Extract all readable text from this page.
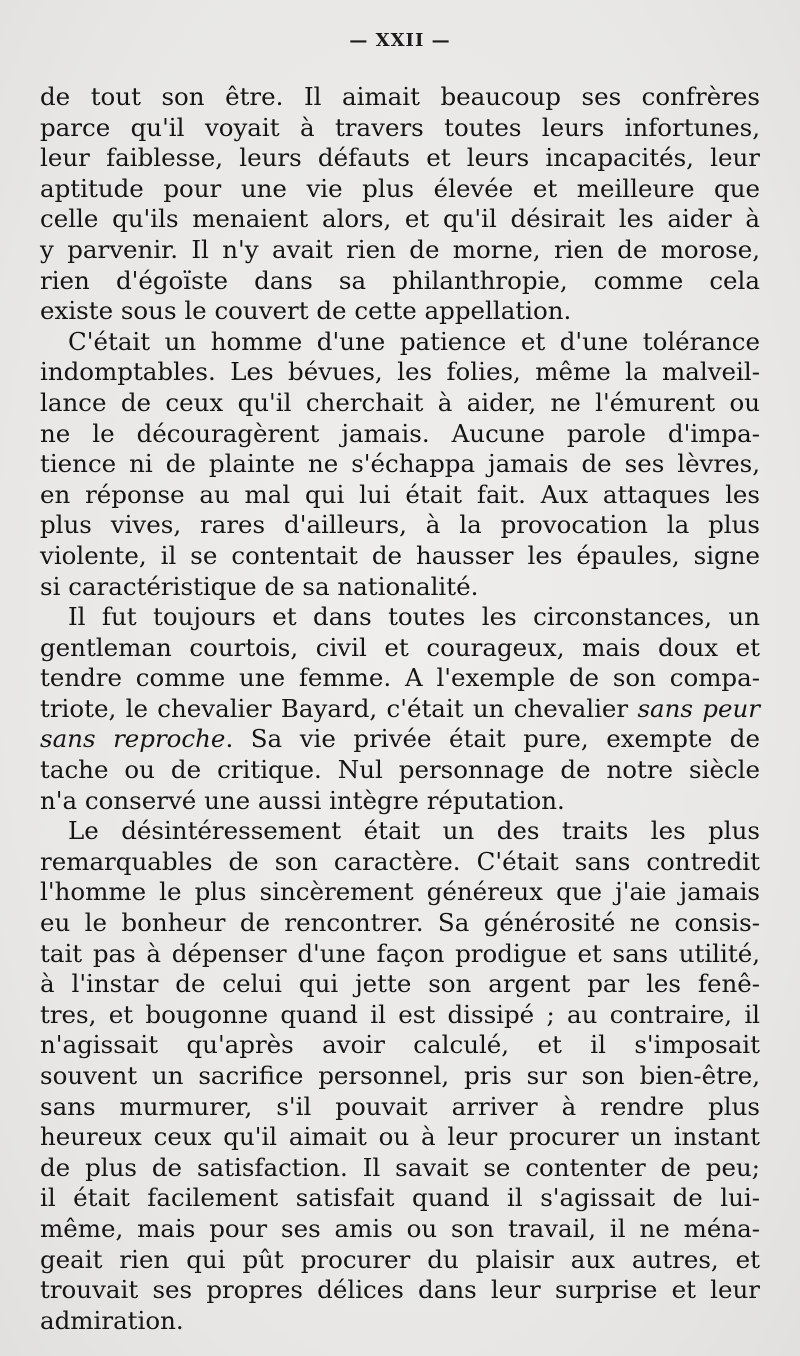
— XXII —
de tout son être. Il aimait beaucoup ses confrères
parce qu'il voyait à travers toutes leurs infortunes,
leur faiblesse, leurs défauts et leurs incapacités, leur
aptitude pour une vie plus élevée et meilleure que
celle qu'ils menaient alors, et qu'il désirait les aider à
y parvenir. Il n'y avait rien de morne, rien de morose,
rien d'égoïste dans sa philanthropie, comme cela
existe sous le couvert de cette appellation.
C'était un homme d'une patience et d'une tolérance
indomptables. Les bévues, les folies, même la malveil-
lance de ceux qu'il cherchait à aider, ne l'émurent ou
ne le découragèrent jamais. Aucune parole d'impa-
tience ni de plainte ne s'échappa jamais de ses lèvres,
en réponse au mal qui lui était fait. Aux attaques les
plus vives, rares d'ailleurs, à la provocation la plus
violente, il se contentait de hausser les épaules, signe
si caractéristique de sa nationalité.
Il fut toujours et dans toutes les circonstances, un
gentleman courtois, civil et courageux, mais doux et
tendre comme une femme. A l'exemple de son compa-
triote, le chevalier Bayard, c'était un chevalier sans peur
sans reproche. Sa vie privée était pure, exempte de
tache ou de critique. Nul personnage de notre siècle
n'a conservé une aussi intègre réputation.
Le désintéressement était un des traits les plus
remarquables de son caractère. C'était sans contredit
l'homme le plus sincèrement généreux que j'aie jamais
eu le bonheur de rencontrer. Sa générosité ne consis-
tait pas à dépenser d'une façon prodigue et sans utilité,
à l'instar de celui qui jette son argent par les fenê-
tres, et bougonne quand il est dissipé ; au contraire, il
n'agissait qu'après avoir calculé, et il s'imposait
souvent un sacrifice personnel, pris sur son bien-être,
sans murmurer, s'il pouvait arriver à rendre plus
heureux ceux qu'il aimait ou à leur procurer un instant
de plus de satisfaction. Il savait se contenter de peu;
il était facilement satisfait quand il s'agissait de lui-
même, mais pour ses amis ou son travail, il ne ména-
geait rien qui pût procurer du plaisir aux autres, et
trouvait ses propres délices dans leur surprise et leur
admiration.
